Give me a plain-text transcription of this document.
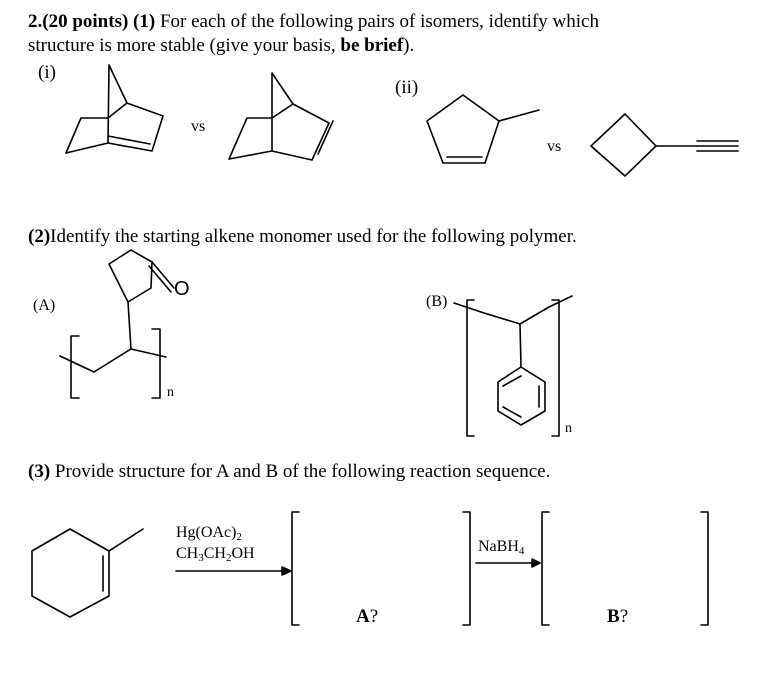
2.(20 points) (1) For each of the following pairs of isomers, identify which
structure is more stable (give your basis, be brief).
(i)
(ii)
vs
vs
(2)Identify the starting alkene monomer used for the following polymer.
(A)	(B)
O
n
n
(3) Provide structure for A and B of the following reaction sequence.
$Hg(OAc)_2$
$CH_3CH_2OH$	NaBH$_4$
A?	B?
